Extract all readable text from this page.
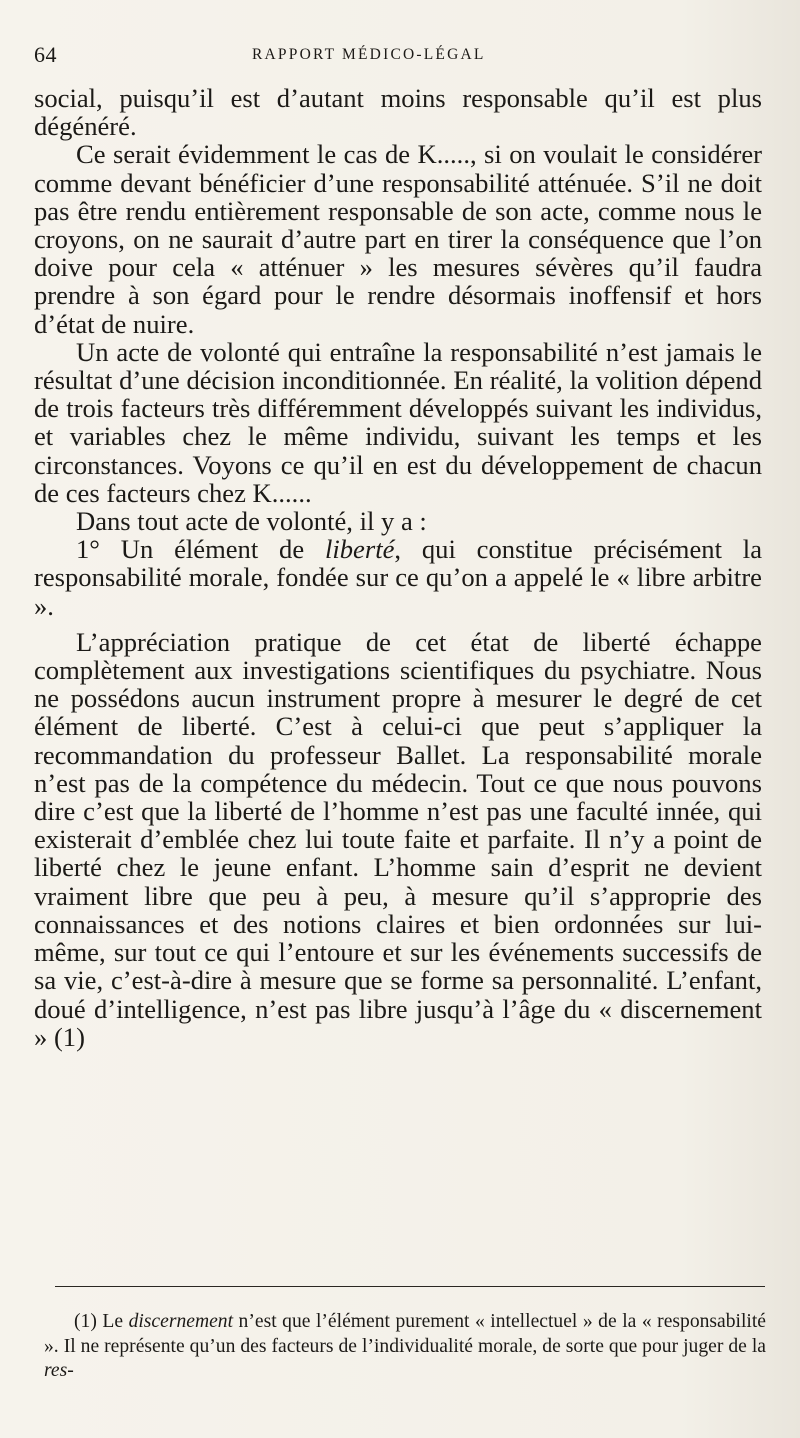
64	RAPPORT MÉDICO-LÉGAL

social, puisqu’il est d’autant moins responsable qu’il est plus dégénéré.

Ce serait évidemment le cas de K....., si on voulait le considérer comme devant bénéficier d’une responsabilité atténuée. S’il ne doit pas être rendu entièrement responsable de son acte, comme nous le croyons, on ne saurait d’autre part en tirer la conséquence que l’on doive pour cela « atténuer » les mesures sévères qu’il faudra prendre à son égard pour le rendre désormais inoffensif et hors d’état de nuire.

Un acte de volonté qui entraîne la responsabilité n’est jamais le résultat d’une décision inconditionnée. En réalité, la volition dépend de trois facteurs très différemment développés suivant les individus, et variables chez le même individu, suivant les temps et les circonstances. Voyons ce qu’il en est du développement de chacun de ces facteurs chez K......

Dans tout acte de volonté, il y a :

1° Un élément de liberté, qui constitue précisément la responsabilité morale, fondée sur ce qu’on a appelé le « libre arbitre ».

L’appréciation pratique de cet état de liberté échappe complètement aux investigations scientifiques du psychiatre. Nous ne possédons aucun instrument propre à mesurer le degré de cet élément de liberté. C’est à celui-ci que peut s’appliquer la recommandation du professeur Ballet. La responsabilité morale n’est pas de la compétence du médecin. Tout ce que nous pouvons dire c’est que la liberté de l’homme n’est pas une faculté innée, qui existerait d’emblée chez lui toute faite et parfaite. Il n’y a point de liberté chez le jeune enfant. L’homme sain d’esprit ne devient vraiment libre que peu à peu, à mesure qu’il s’approprie des connaissances et des notions claires et bien ordonnées sur lui-même, sur tout ce qui l’entoure et sur les événements successifs de sa vie, c’est-à-dire à mesure que se forme sa personnalité. L’enfant, doué d’intelligence, n’est pas libre jusqu’à l’âge du « discernement » (1)

(1) Le discernement n’est que l’élément purement « intellectuel » de la « responsabilité ». Il ne représente qu’un des facteurs de l’individualité morale, de sorte que pour juger de la res-
